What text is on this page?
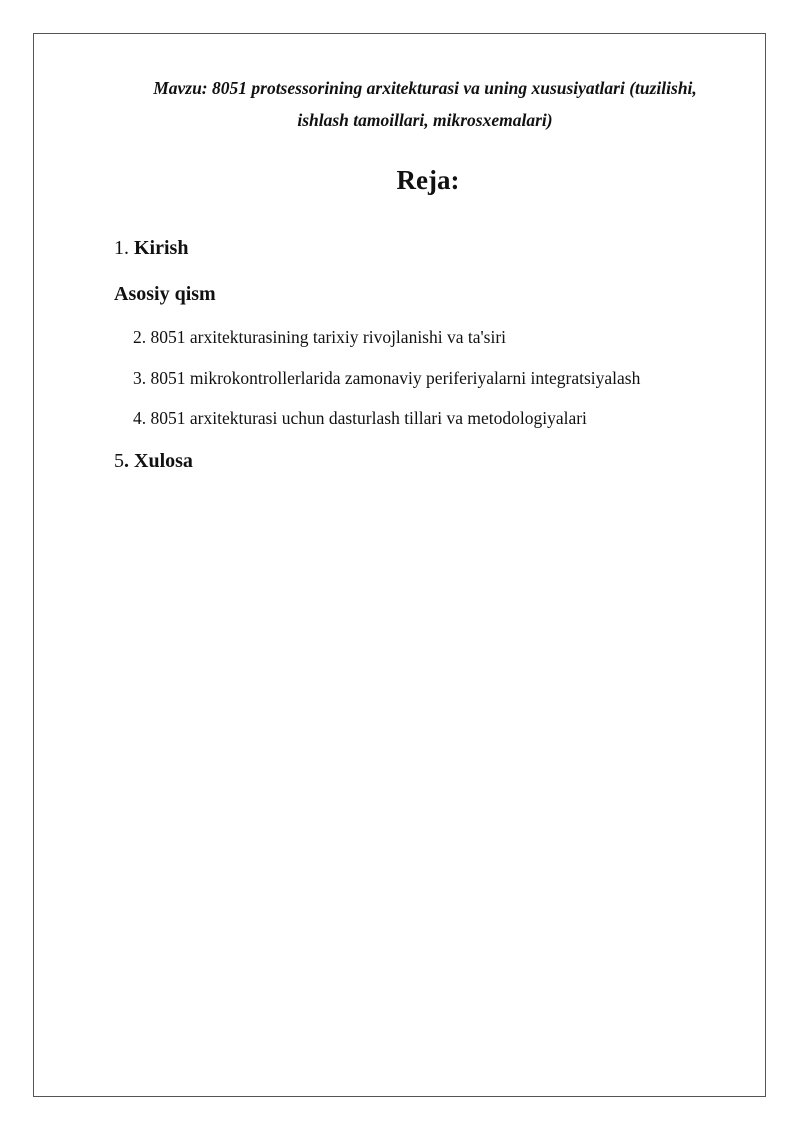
Mavzu: 8051 protsessorining arxitekturasi va uning xususiyatlari (tuzilishi,
ishlash tamoillari, mikrosxemalari)
Reja:
1. Kirish
Asosiy qism
2. 8051 arxitekturasining tarixiy rivojlanishi va ta'siri
3. 8051 mikrokontrollerlarida zamonaviy periferiyalarni integratsiyalash
4. 8051 arxitekturasi uchun dasturlash tillari va metodologiyalari
5. Xulosa
